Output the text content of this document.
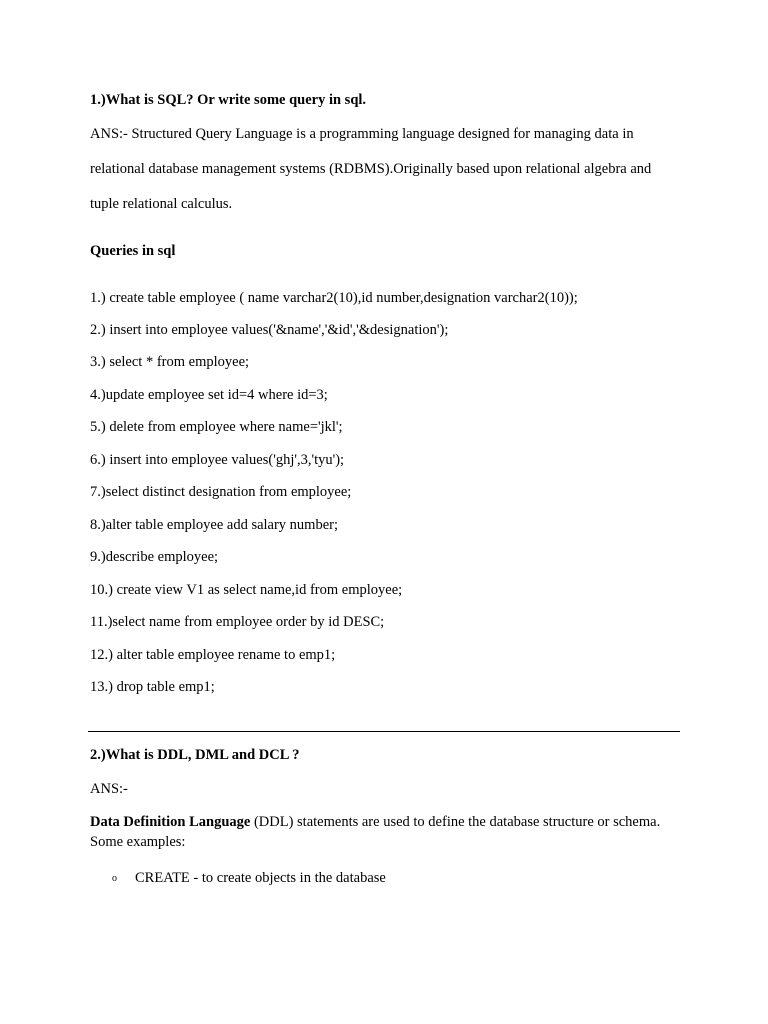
1.)What is SQL? Or write some query in sql.
ANS:- Structured Query Language is a programming language designed for managing data in
relational database management systems (RDBMS).Originally based upon relational algebra and
tuple relational calculus.
Queries in sql
1.) create table employee ( name varchar2(10),id number,designation varchar2(10));
2.) insert into employee values('&name','&id','&designation');
3.) select * from employee;
4.)update employee set id=4 where id=3;
5.) delete from employee where name='jkl';
6.) insert into employee values('ghj',3,'tyu');
7.)select distinct designation from employee;
8.)alter table employee add salary number;
9.)describe employee;
10.) create view V1 as select name,id from employee;
11.)select name from employee order by id DESC;
12.) alter table employee rename to emp1;
13.) drop table emp1;
2.)What is DDL, DML and DCL ?
ANS:-
Data Definition Language (DDL) statements are used to define the database structure or schema. Some examples:
o CREATE - to create objects in the database
